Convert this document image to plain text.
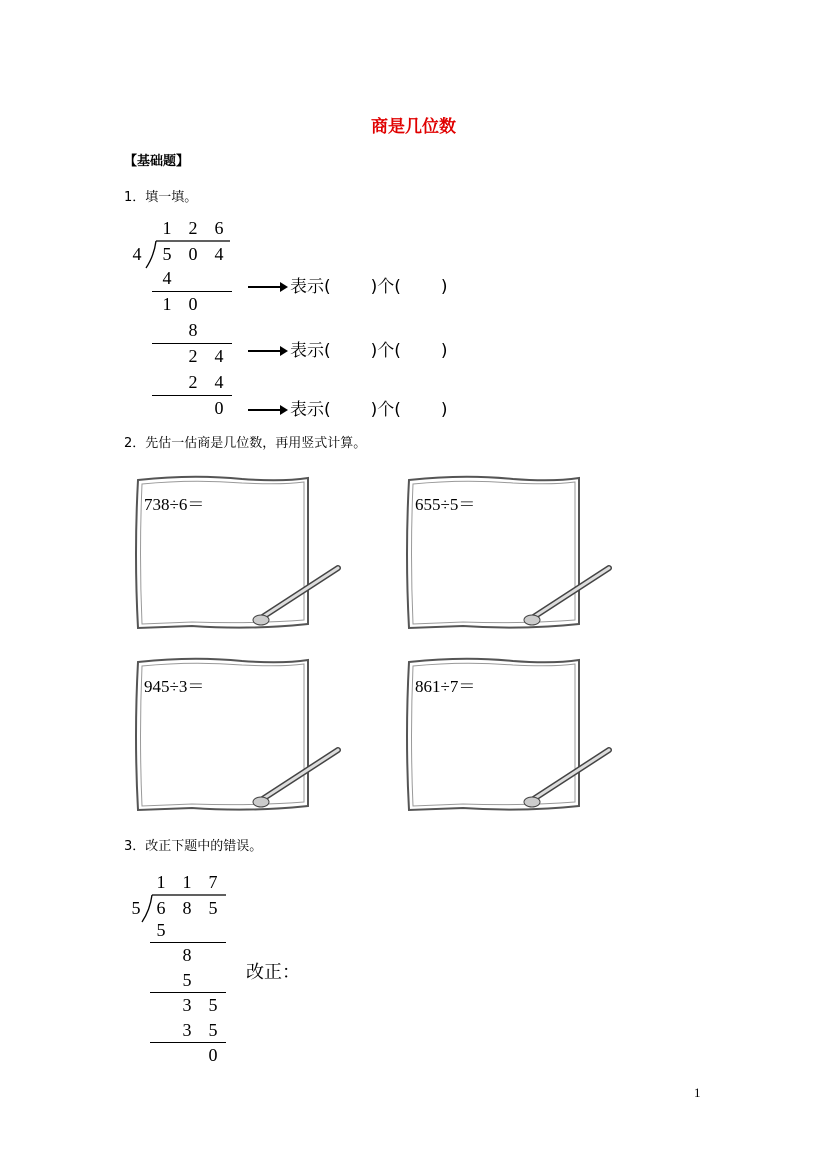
商是几位数
【基础题】
1．填一填。
1 2 6
4 5 0 4
4
1 0
8
2 4
2 4
0
表示( )个( )
表示( )个( )
表示( )个( )
2．先估一估商是几位数，再用竖式计算。
738÷6＝	655÷5＝
945÷3＝	861÷7＝
3．改正下题中的错误。
1 1 7
5 6 8 5
5
8
5
3 5
3 5
0
改正：
1
